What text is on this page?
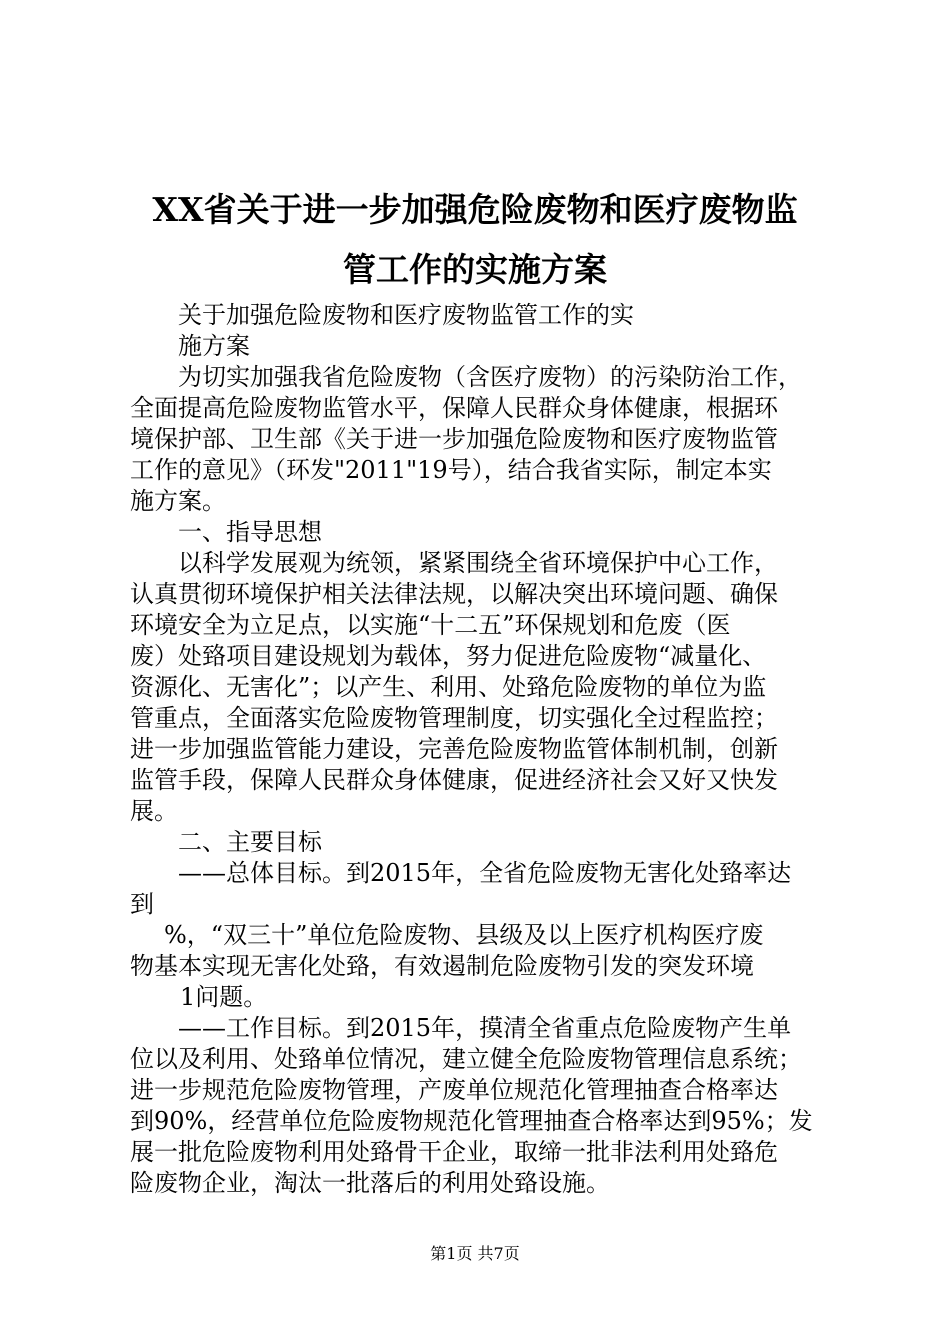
XX省关于进一步加强危险废物和医疗废物监
管工作的实施方案
关于加强危险废物和医疗废物监管工作的实
施方案
为切实加强我省危险废物（含医疗废物）的污染防治工作，
全面提高危险废物监管水平，保障人民群众身体健康，根据环
境保护部、卫生部《关于进一步加强危险废物和医疗废物监管
工作的意见》（环发"2011"19号），结合我省实际，制定本实
施方案。
一、指导思想
以科学发展观为统领，紧紧围绕全省环境保护中心工作，
认真贯彻环境保护相关法律法规，以解决突出环境问题、确保
环境安全为立足点，以实施“十二五”环保规划和危废（医
废）处臵项目建设规划为载体，努力促进危险废物“减量化、
资源化、无害化”；以产生、利用、处臵危险废物的单位为监
管重点，全面落实危险废物管理制度，切实强化全过程监控；
进一步加强监管能力建设，完善危险废物监管体制机制，创新
监管手段，保障人民群众身体健康，促进经济社会又好又快发
展。
二、主要目标
——总体目标。到2015年，全省危险废物无害化处臵率达
到
%，“双三十”单位危险废物、县级及以上医疗机构医疗废
物基本实现无害化处臵，有效遏制危险废物引发的突发环境
1问题。
——工作目标。到2015年，摸清全省重点危险废物产生单
位以及利用、处臵单位情况，建立健全危险废物管理信息系统；
进一步规范危险废物管理，产废单位规范化管理抽查合格率达
到90%，经营单位危险废物规范化管理抽查合格率达到95%；发
展一批危险废物利用处臵骨干企业，取缔一批非法利用处臵危
险废物企业，淘汰一批落后的利用处臵设施。
第1页 共7页
